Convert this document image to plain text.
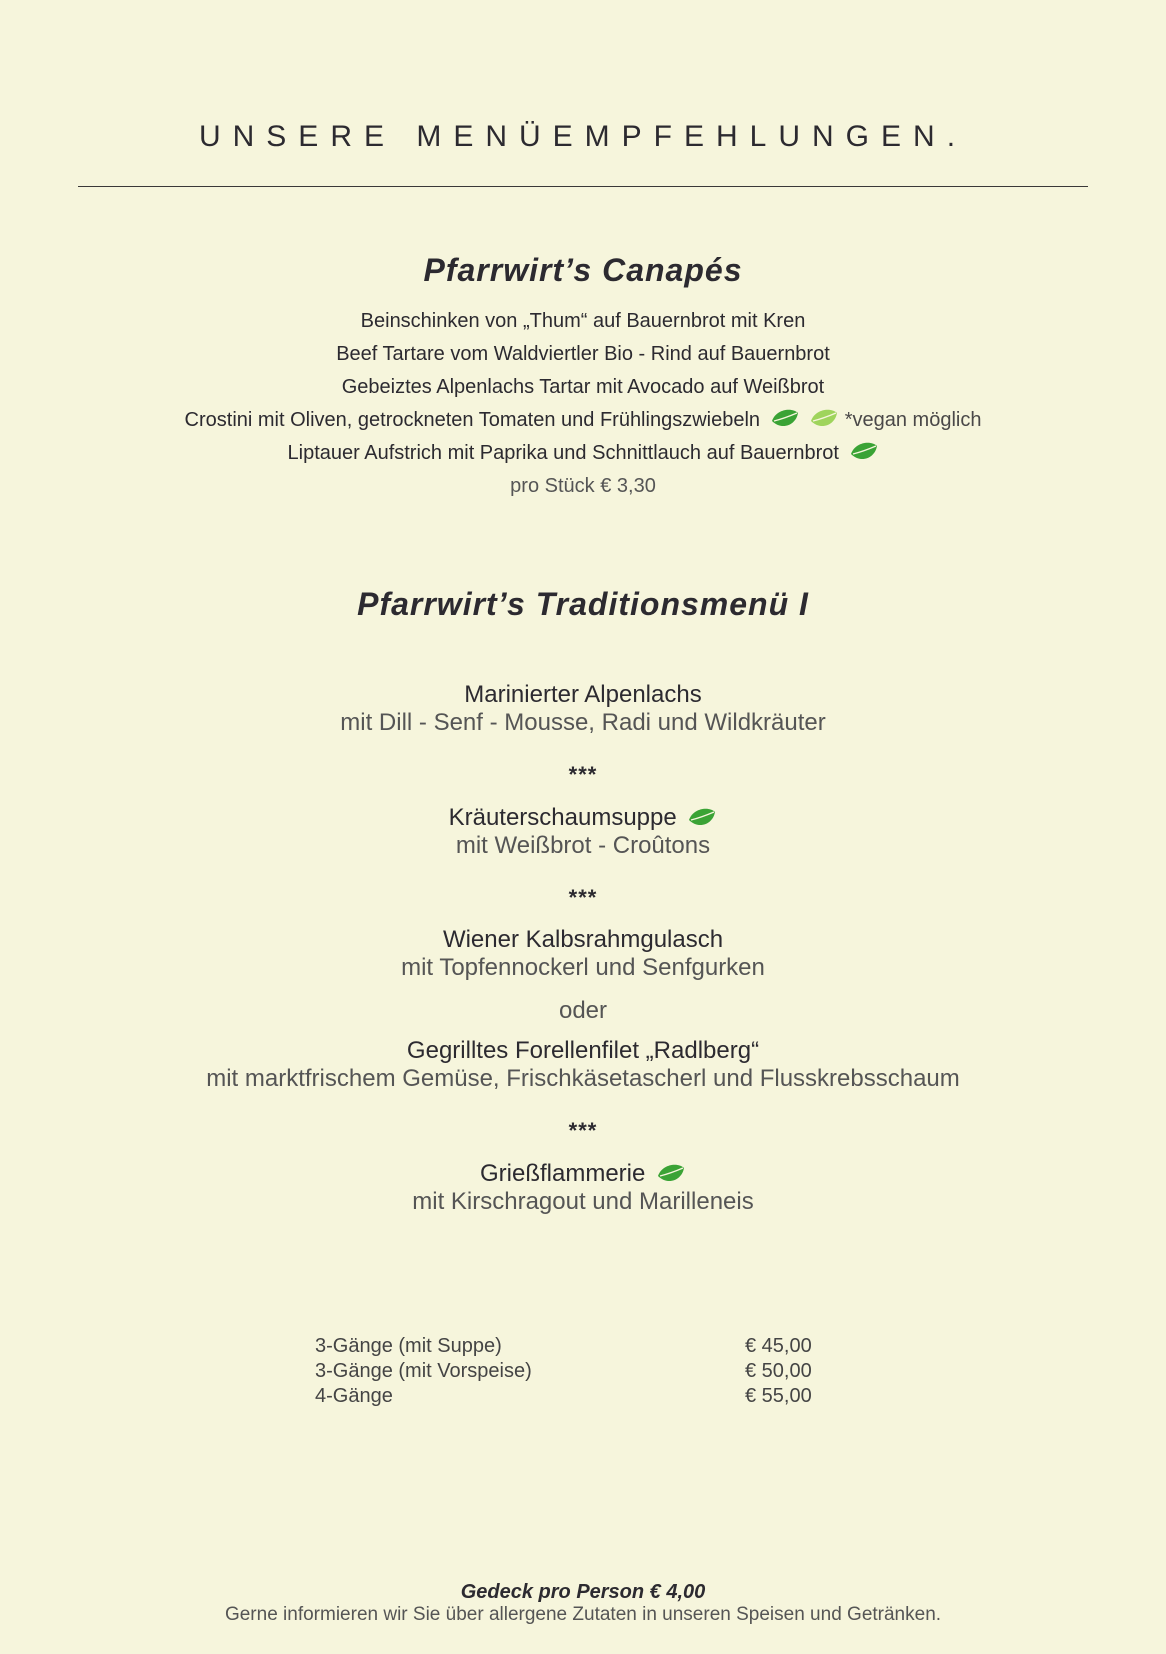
UNSERE MENÜEMPFEHLUNGEN.
Pfarrwirt’s Canapés
Beinschinken von „Thum“ auf Bauernbrot mit Kren
Beef Tartare vom Waldviertler Bio - Rind auf Bauernbrot
Gebeiztes Alpenlachs Tartar mit Avocado auf Weißbrot
Crostini mit Oliven, getrockneten Tomaten und Frühlingszwiebeln	*vegan möglich
Liptauer Aufstrich mit Paprika und Schnittlauch auf Bauernbrot
pro Stück € 3,30
Pfarrwirt’s Traditionsmenü I
Marinierter Alpenlachs
mit Dill - Senf - Mousse, Radi und Wildkräuter
***
Kräuterschaumsuppe
mit Weißbrot - Croûtons
***
Wiener Kalbsrahmgulasch
mit Topfennockerl und Senfgurken
oder
Gegrilltes Forellenfilet „Radlberg“
mit marktfrischem Gemüse, Frischkäsetascherl und Flusskrebsschaum
***
Grießflammerie
mit Kirschragout und Marilleneis
3-Gänge (mit Suppe)	€ 45,00
3-Gänge (mit Vorspeise)	€ 50,00
4-Gänge	€ 55,00
Gedeck pro Person € 4,00
Gerne informieren wir Sie über allergene Zutaten in unseren Speisen und Getränken.
